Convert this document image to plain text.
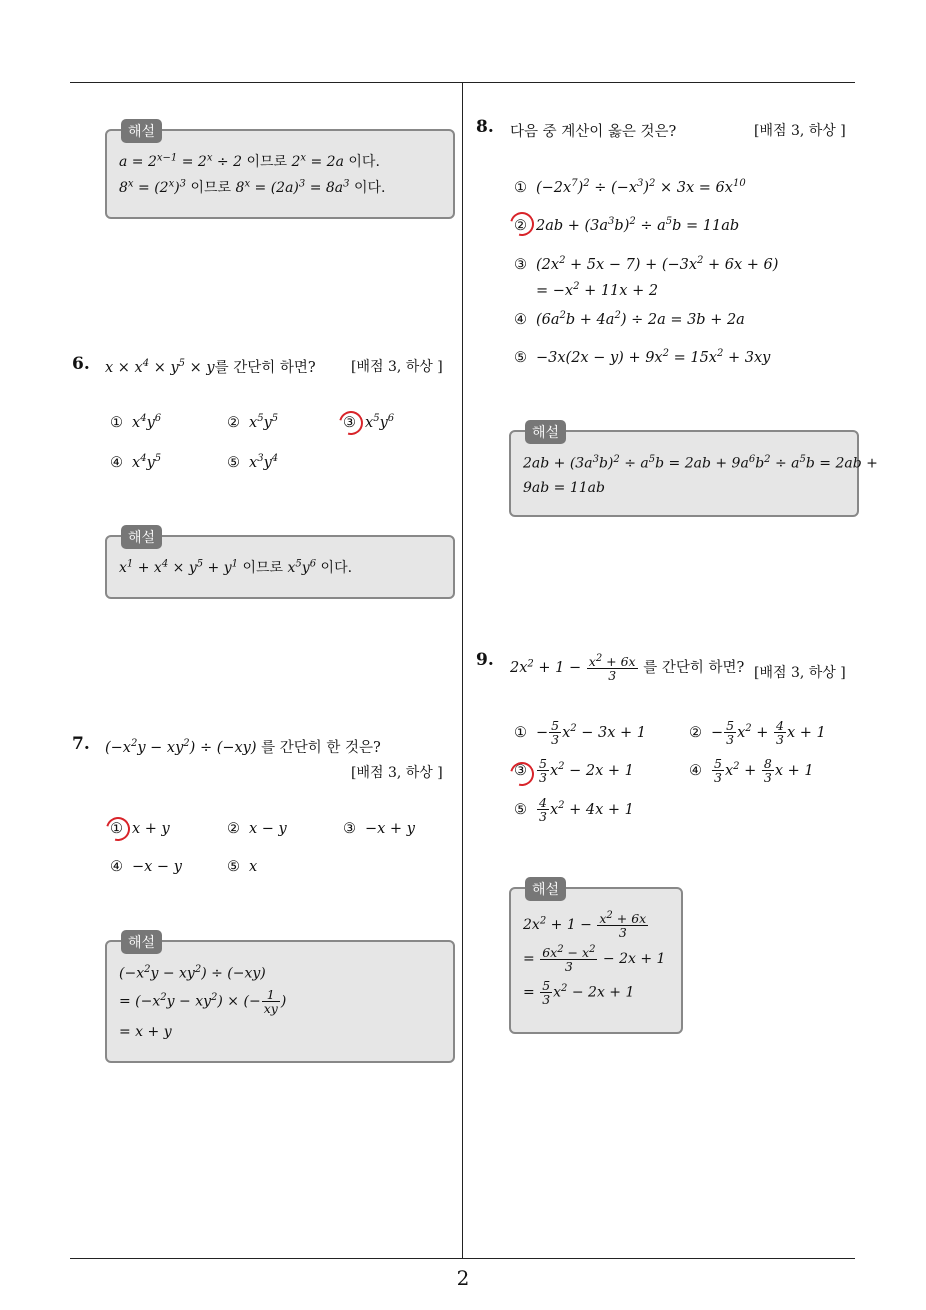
2
해설
$a = 2^{x-1} = 2^x \div 2$ 이므로 $2^x = 2a$ 이다.
$8^x = (2^x)^3$ 이므로 $8^x = (2a)^3 = 8a^3$ 이다.
6. $x \times x^4 \times y^5 \times y$를 간단히 하면?	[배점 3, 하상 ]
① $x^4y^6$	② $x^5y^5$	③ $x^5y^6$
④ $x^4y^5$	⑤ $x^3y^4$
해설
$x^1 + x^4 \times y^5 + y^1$ 이므로 $x^5y^6$ 이다.
7. $(-x^2y - xy^2) \div (-xy)$ 를 간단히 한 것은?
[배점 3, 하상 ]
① x + y	② x − y	③ −x + y
④ −x − y	⑤ x
해설
$(-x^2y - xy^2) \div (-xy)$
= $(-x^2y - xy^2)$ × (− $\frac{1}{xy}$ )
= x + y
8. 다음 중 계산이 옳은 것은?	[배점 3, 하상 ]
① $(-2x^7)^2 \div (-x^3)^2 \times 3x = 6x^{10}$
② $2ab + (3a^3b)^2 \div a^5b = 11ab$
③ $(2x^2 + 5x - 7) + (-3x^2 + 6x + 6)$
= $-x^2 + 11x + 2$
④ $(6a^2b + 4a^2) \div 2a = 3b + 2a$
⑤ $-3x(2x - y) + 9x^2 = 15x^2 + 3xy$
해설
$2ab + (3a^3b)^2 \div a^5b = 2ab + 9a^6b^2 \div a^5b = 2ab$ +
9ab = 11ab
9. $2x^2 + 1 - \frac{x^2 + 6x}{3}$ 를 간단히 하면? [배점 3, 하상 ]
① − $\frac{5}{3} x^2 - 3x + 1$	② − $\frac{5}{3} x^2 + \frac{4}{3}$ x + 1
③ $\frac{5}{3} x^2 - 2x + 1$	④ $\frac{5}{3} x^2 + \frac{8}{3}$ x + 1
⑤ $\frac{4}{3} x^2 + 4x + 1$
해설
$2x^2 + 1 - \frac{x^2 + 6x}{3}$
= $\frac{6x^2 - x^2}{3} - 2x + 1$
= $\frac{5}{3} x^2 - 2x + 1$
